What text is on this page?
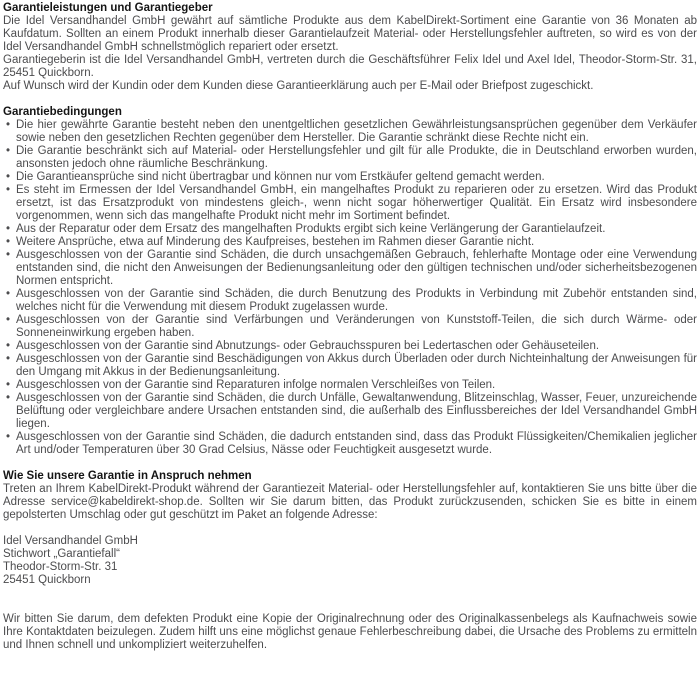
Garantieleistungen und Garantiegeber

Die Idel Versandhandel GmbH gewährt auf sämtliche Produkte aus dem KabelDirekt-Sortiment eine Garantie von 36 Monaten ab Kaufdatum. Sollten an einem Produkt innerhalb dieser Garantielaufzeit Material- oder Herstellungsfehler auftreten, so wird es von der Idel Versandhandel GmbH schnellstmöglich repariert oder ersetzt.

Garantiegeberin ist die Idel Versandhandel GmbH, vertreten durch die Geschäftsführer Felix Idel und Axel Idel, Theodor-Storm-Str. 31, 25451 Quickborn.

Auf Wunsch wird der Kundin oder dem Kunden diese Garantieerklärung auch per E-Mail oder Briefpost zugeschickt.

Garantiebedingungen
• Die hier gewährte Garantie besteht neben den unentgeltlichen gesetzlichen Gewährleistungsansprüchen gegenüber dem Verkäufer sowie neben den gesetzlichen Rechten gegenüber dem Hersteller. Die Garantie schränkt diese Rechte nicht ein.
• Die Garantie beschränkt sich auf Material- oder Herstellungsfehler und gilt für alle Produkte, die in Deutschland erworben wurden, ansonsten jedoch ohne räumliche Beschränkung.
• Die Garantieansprüche sind nicht übertragbar und können nur vom Erstkäufer geltend gemacht werden.
• Es steht im Ermessen der Idel Versandhandel GmbH, ein mangelhaftes Produkt zu reparieren oder zu ersetzen. Wird das Produkt ersetzt, ist das Ersatzprodukt von mindestens gleich-, wenn nicht sogar höherwertiger Qualität. Ein Ersatz wird insbesondere vorgenommen, wenn sich das mangelhafte Produkt nicht mehr im Sortiment befindet.
• Aus der Reparatur oder dem Ersatz des mangelhaften Produkts ergibt sich keine Verlängerung der Garantielaufzeit.
• Weitere Ansprüche, etwa auf Minderung des Kaufpreises, bestehen im Rahmen dieser Garantie nicht.
• Ausgeschlossen von der Garantie sind Schäden, die durch unsachgemäßen Gebrauch, fehlerhafte Montage oder eine Verwendung entstanden sind, die nicht den Anweisungen der Bedienungsanleitung oder den gültigen technischen und/oder sicherheitsbezogenen Normen entspricht.
• Ausgeschlossen von der Garantie sind Schäden, die durch Benutzung des Produkts in Verbindung mit Zubehör entstanden sind, welches nicht für die Verwendung mit diesem Produkt zugelassen wurde.
• Ausgeschlossen von der Garantie sind Verfärbungen und Veränderungen von Kunststoff-Teilen, die sich durch Wärme- oder Sonneneinwirkung ergeben haben.
• Ausgeschlossen von der Garantie sind Abnutzungs- oder Gebrauchsspuren bei Ledertaschen oder Gehäuseteilen.
• Ausgeschlossen von der Garantie sind Beschädigungen von Akkus durch Überladen oder durch Nichteinhaltung der Anweisungen für den Umgang mit Akkus in der Bedienungsanleitung.
• Ausgeschlossen von der Garantie sind Reparaturen infolge normalen Verschleißes von Teilen.
• Ausgeschlossen von der Garantie sind Schäden, die durch Unfälle, Gewaltanwendung, Blitzeinschlag, Wasser, Feuer, unzureichende Belüftung oder vergleichbare andere Ursachen entstanden sind, die außerhalb des Einflussbereiches der Idel Versandhandel GmbH liegen.
• Ausgeschlossen von der Garantie sind Schäden, die dadurch entstanden sind, dass das Produkt Flüssigkeiten/Chemikalien jeglicher Art und/oder Temperaturen über 30 Grad Celsius, Nässe oder Feuchtigkeit ausgesetzt wurde.
Wie Sie unsere Garantie in Anspruch nehmen

Treten an Ihrem KabelDirekt-Produkt während der Garantiezeit Material- oder Herstellungsfehler auf, kontaktieren Sie uns bitte über die Adresse service@kabeldirekt-shop.de. Sollten wir Sie darum bitten, das Produkt zurückzusenden, schicken Sie es bitte in einem gepolsterten Umschlag oder gut geschützt im Paket an folgende Adresse:

Idel Versandhandel GmbH
Stichwort „Garantiefall“
Theodor-Storm-Str. 31
25451 Quickborn

Wir bitten Sie darum, dem defekten Produkt eine Kopie der Originalrechnung oder des Originalkassenbelegs als Kaufnachweis sowie Ihre Kontaktdaten beizulegen. Zudem hilft uns eine möglichst genaue Fehlerbeschreibung dabei, die Ursache des Problems zu ermitteln und Ihnen schnell und unkompliziert weiterzuhelfen.
